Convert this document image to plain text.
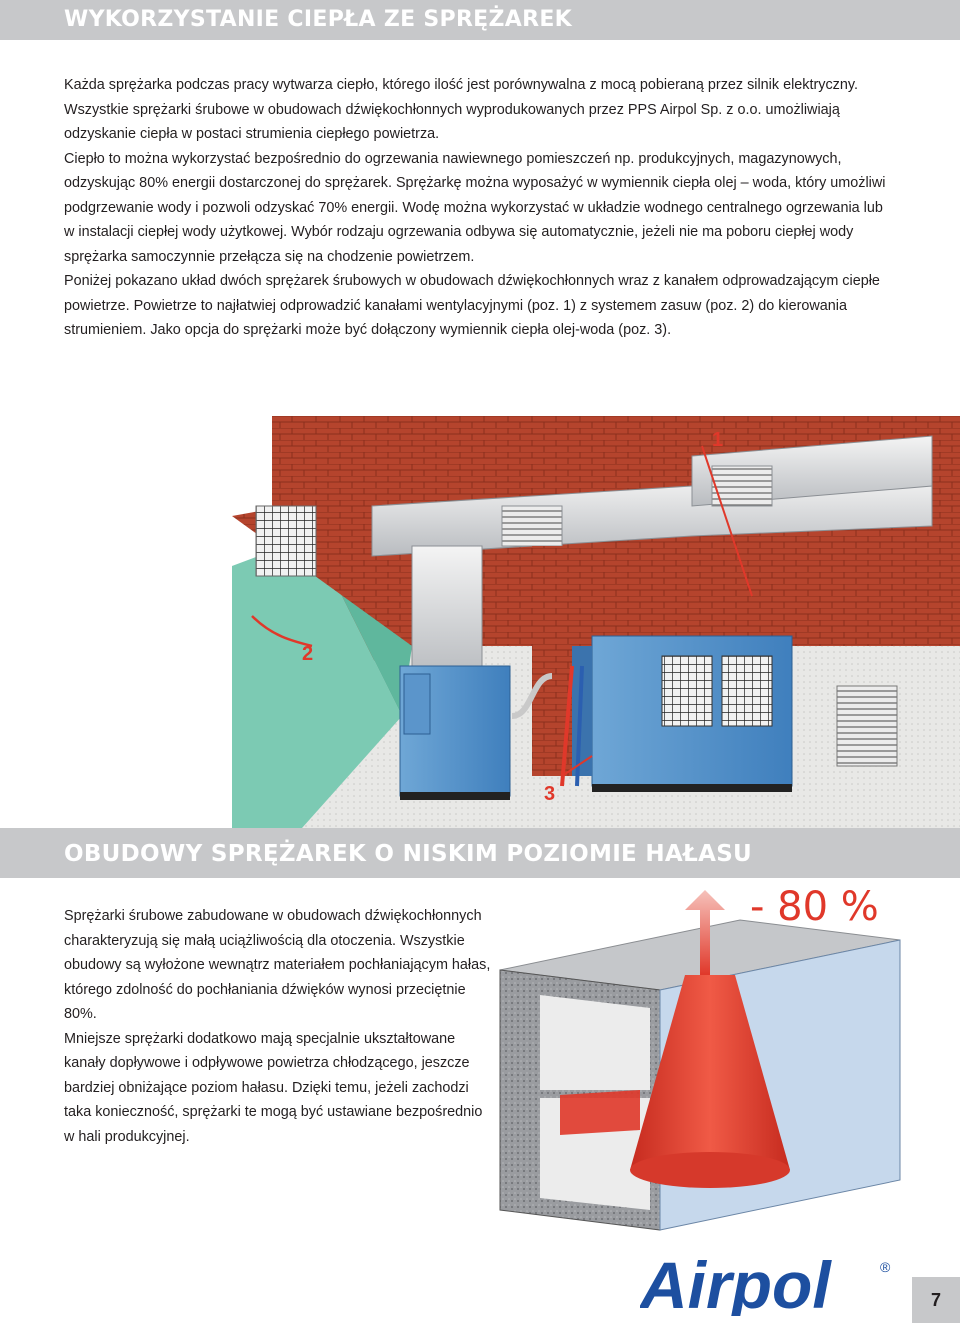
WYKORZYSTANIE CIEPŁA ZE SPRĘŻAREK

Każda sprężarka podczas pracy wytwarza ciepło, którego ilość jest porównywalna z mocą pobieraną przez silnik elektryczny. Wszystkie sprężarki śrubowe w obudowach dźwiękochłonnych wyprodukowanych przez PPS Airpol Sp. z o.o. umożliwiają odzyskanie ciepła w postaci strumienia ciepłego powietrza.

Ciepło to można wykorzystać bezpośrednio do ogrzewania nawiewnego pomieszczeń np. produkcyjnych, magazynowych, odzyskując 80% energii dostarczonej do sprężarek. Sprężarkę można wyposażyć w wymiennik ciepła olej – woda, który umożliwi podgrzewanie wody i pozwoli odzyskać 70% energii. Wodę można wykorzystać w układzie wodnego centralnego ogrzewania lub w instalacji ciepłej wody użytkowej. Wybór rodzaju ogrzewania odbywa się automatycznie, jeżeli nie ma poboru ciepłej wody sprężarka samoczynnie przełącza się na chodzenie powietrzem.

Poniżej pokazano układ dwóch sprężarek śrubowych w obudowach dźwiękochłonnych wraz z kanałem odprowadzającym ciepłe powietrze. Powietrze to najłatwiej odprowadzić kanałami wentylacyjnymi (poz. 1) z systemem zasuw (poz. 2) do kierowania strumieniem. Jako opcja do sprężarki może być dołączony wymiennik ciepła olej-woda (poz. 3).

2
1
3
OBUDOWY SPRĘŻAREK O NISKIM POZIOMIE HAŁASU

Sprężarki śrubowe zabudowane w obudowach dźwiękochłonnych charakteryzują się małą uciążliwością dla otoczenia. Wszystkie obudowy są wyłożone wewnątrz materiałem pochłaniającym hałas, którego zdolność do pochłaniania dźwięków wynosi przeciętnie 80%.

Mniejsze sprężarki dodatkowo mają specjalnie ukształtowane kanały dopływowe i odpływowe powietrza chłodzącego, jeszcze bardziej obniżające poziom hałasu. Dzięki temu, jeżeli zachodzi taka konieczność, sprężarki te mogą być ustawiane bezpośrednio w hali produkcyjnej.

- 80 %
Airpol	®
7
